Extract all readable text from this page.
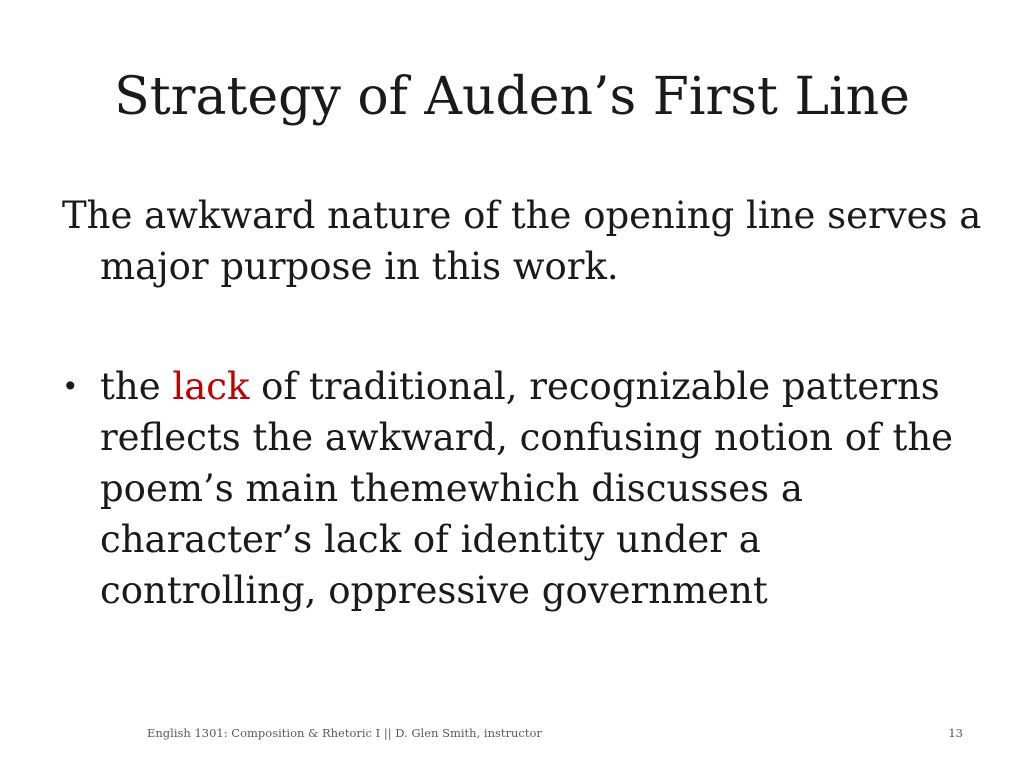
Strategy of Auden’s First Line
The awkward nature of the opening line serves a major purpose in this work.
• the lack of traditional, recognizable patterns reflects the awkward, confusing notion of the poem’s main themewhich discusses a character’s lack of identity under a controlling, oppressive government
English 1301: Composition & Rhetoric I || D. Glen Smith, instructor	13
